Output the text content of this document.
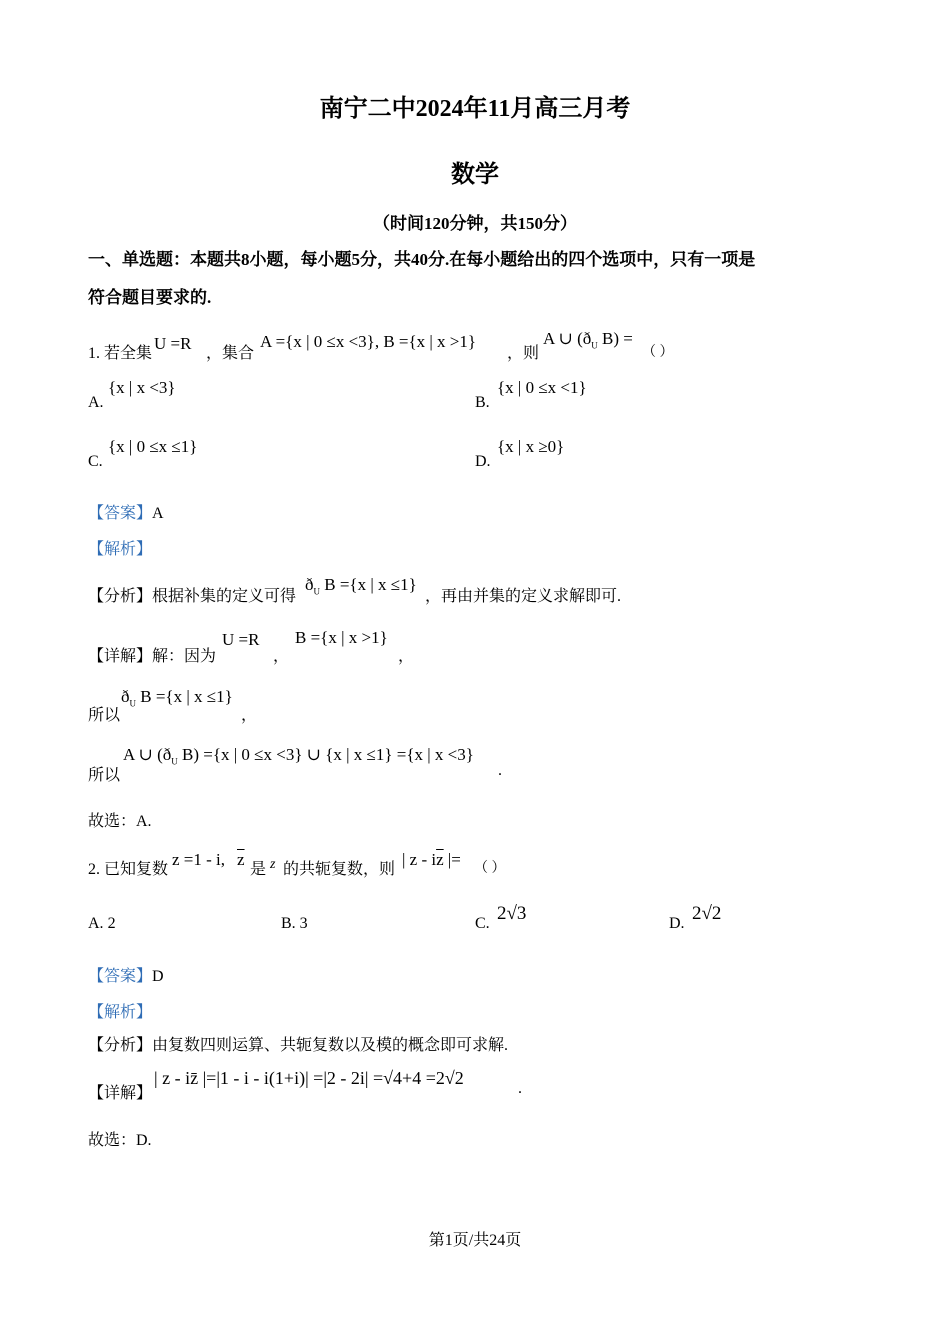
南宁二中2024年11月高三月考
数学
（时间120分钟，共150分）
一、单选题：本题共8小题，每小题5分，共40分.在每小题给出的四个选项中，只有一项是
符合题目要求的.
1. 若全集
U =R
，集合
A ={x | 0 ≤x <3}, B ={x | x >1}
，则
A ∪ ($ð_U$ B) =
（ ）
A.
{x | x <3}
B.
{x | 0 ≤x <1}
C.
{x | 0 ≤x ≤1}
D.
{x | x ≥0}
【答案】A
【解析】
【分析】根据补集的定义可得
$ð_U$ B ={x | x ≤1}
，再由并集的定义求解即可.
【详解】解：因为
U =R
，
B ={x | x >1}
，
所以
$ð_U$ B ={x | x ≤1}
，
所以
A ∪ ($ð_U$ B) ={x | 0 ≤x <3} ∪ {x | x ≤1} ={x | x <3}
.
故选：A.
2. 已知复数
z =1 - i, $\overline{z}$
是 z 的共轭复数，则
| z - $i\overline{z}$ |= （ ）
A. 2	B. 3	C. 2√3	D. 2√2
【答案】D
【解析】
【分析】由复数四则运算、共轭复数以及模的概念即可求解.
【详解】
| z - iz̄ |=|1 - i - i(1+i)| =|2 - 2i| =√4+4 =2√2
.
故选：D.
第1页/共24页
